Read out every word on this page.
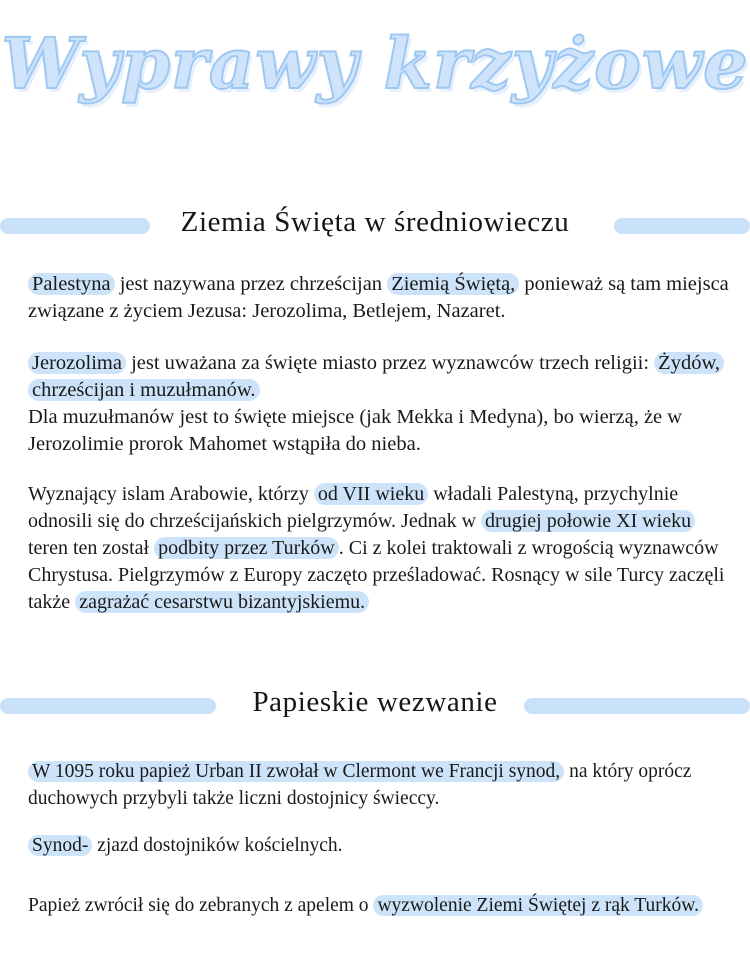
Wyprawy krzyżowe
Ziemia Święta w średniowieczu
Palestyna jest nazywana przez chrześcijan Ziemią Świętą, ponieważ są tam miejsca związane z życiem Jezusa: Jerozolima, Betlejem, Nazaret.
Jerozolima jest uważana za święte miasto przez wyznawców trzech religii: Żydów, chrześcijan i muzułmanów.
Dla muzułmanów jest to święte miejsce (jak Mekka i Medyna), bo wierzą, że w Jerozolimie prorok Mahomet wstąpiła do nieba.
Wyznający islam Arabowie, którzy od VII wieku władali Palestyną, przychylnie odnosili się do chrześcijańskich pielgrzymów. Jednak w drugiej połowie XI wieku teren ten został podbity przez Turków . Ci z kolei traktowali z wrogością wyznawców Chrystusa. Pielgrzymów z Europy zaczęto prześladować. Rosnący w sile Turcy zaczęli także zagrażać cesarstwu bizantyjskiemu.
Papieskie wezwanie
W 1095 roku papież Urban II zwołał w Clermont we Francji synod, na który oprócz duchowych przybyli także liczni dostojnicy świeccy.
Synod- zjazd dostojników kościelnych.
Papież zwrócił się do zebranych z apelem o wyzwolenie Ziemi Świętej z rąk Turków.
